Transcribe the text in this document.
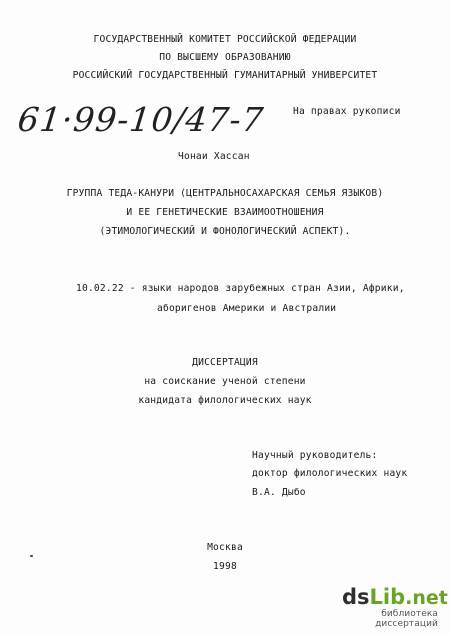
ГОСУДАРСТВЕННЫЙ КОМИТЕТ РОССИЙСКОЙ ФЕДЕРАЦИИ
ПО ВЫСШЕМУ ОБРАЗОВАНИЮ
РОССИЙСКИЙ ГОСУДАРСТВЕННЫЙ ГУМАНИТАРНЫЙ УНИВЕРСИТЕТ
61·99-10/47-7	На правах рукописи
Чонаи Хассан
ГРУППА ТЕДА-КАНУРИ (ЦЕНТРАЛЬНОСАХАРСКАЯ СЕМЬЯ ЯЗЫКОВ)
И ЕЕ ГЕНЕТИЧЕСКИЕ ВЗАИМООТНОШЕНИЯ
(ЭТИМОЛОГИЧЕСКИЙ И ФОНОЛОГИЧЕСКИЙ АСПЕКТ).
10.02.22 - языки народов зарубежных стран Азии, Африки,
аборигенов Америки и Австралии
ДИССЕРТАЦИЯ
на соискание ученой степени
кандидата филологических наук
Научный руководитель:
доктор филологических наук
В.А. Дыбо
Москва
1998
dsLib.net
библиотека диссертаций
